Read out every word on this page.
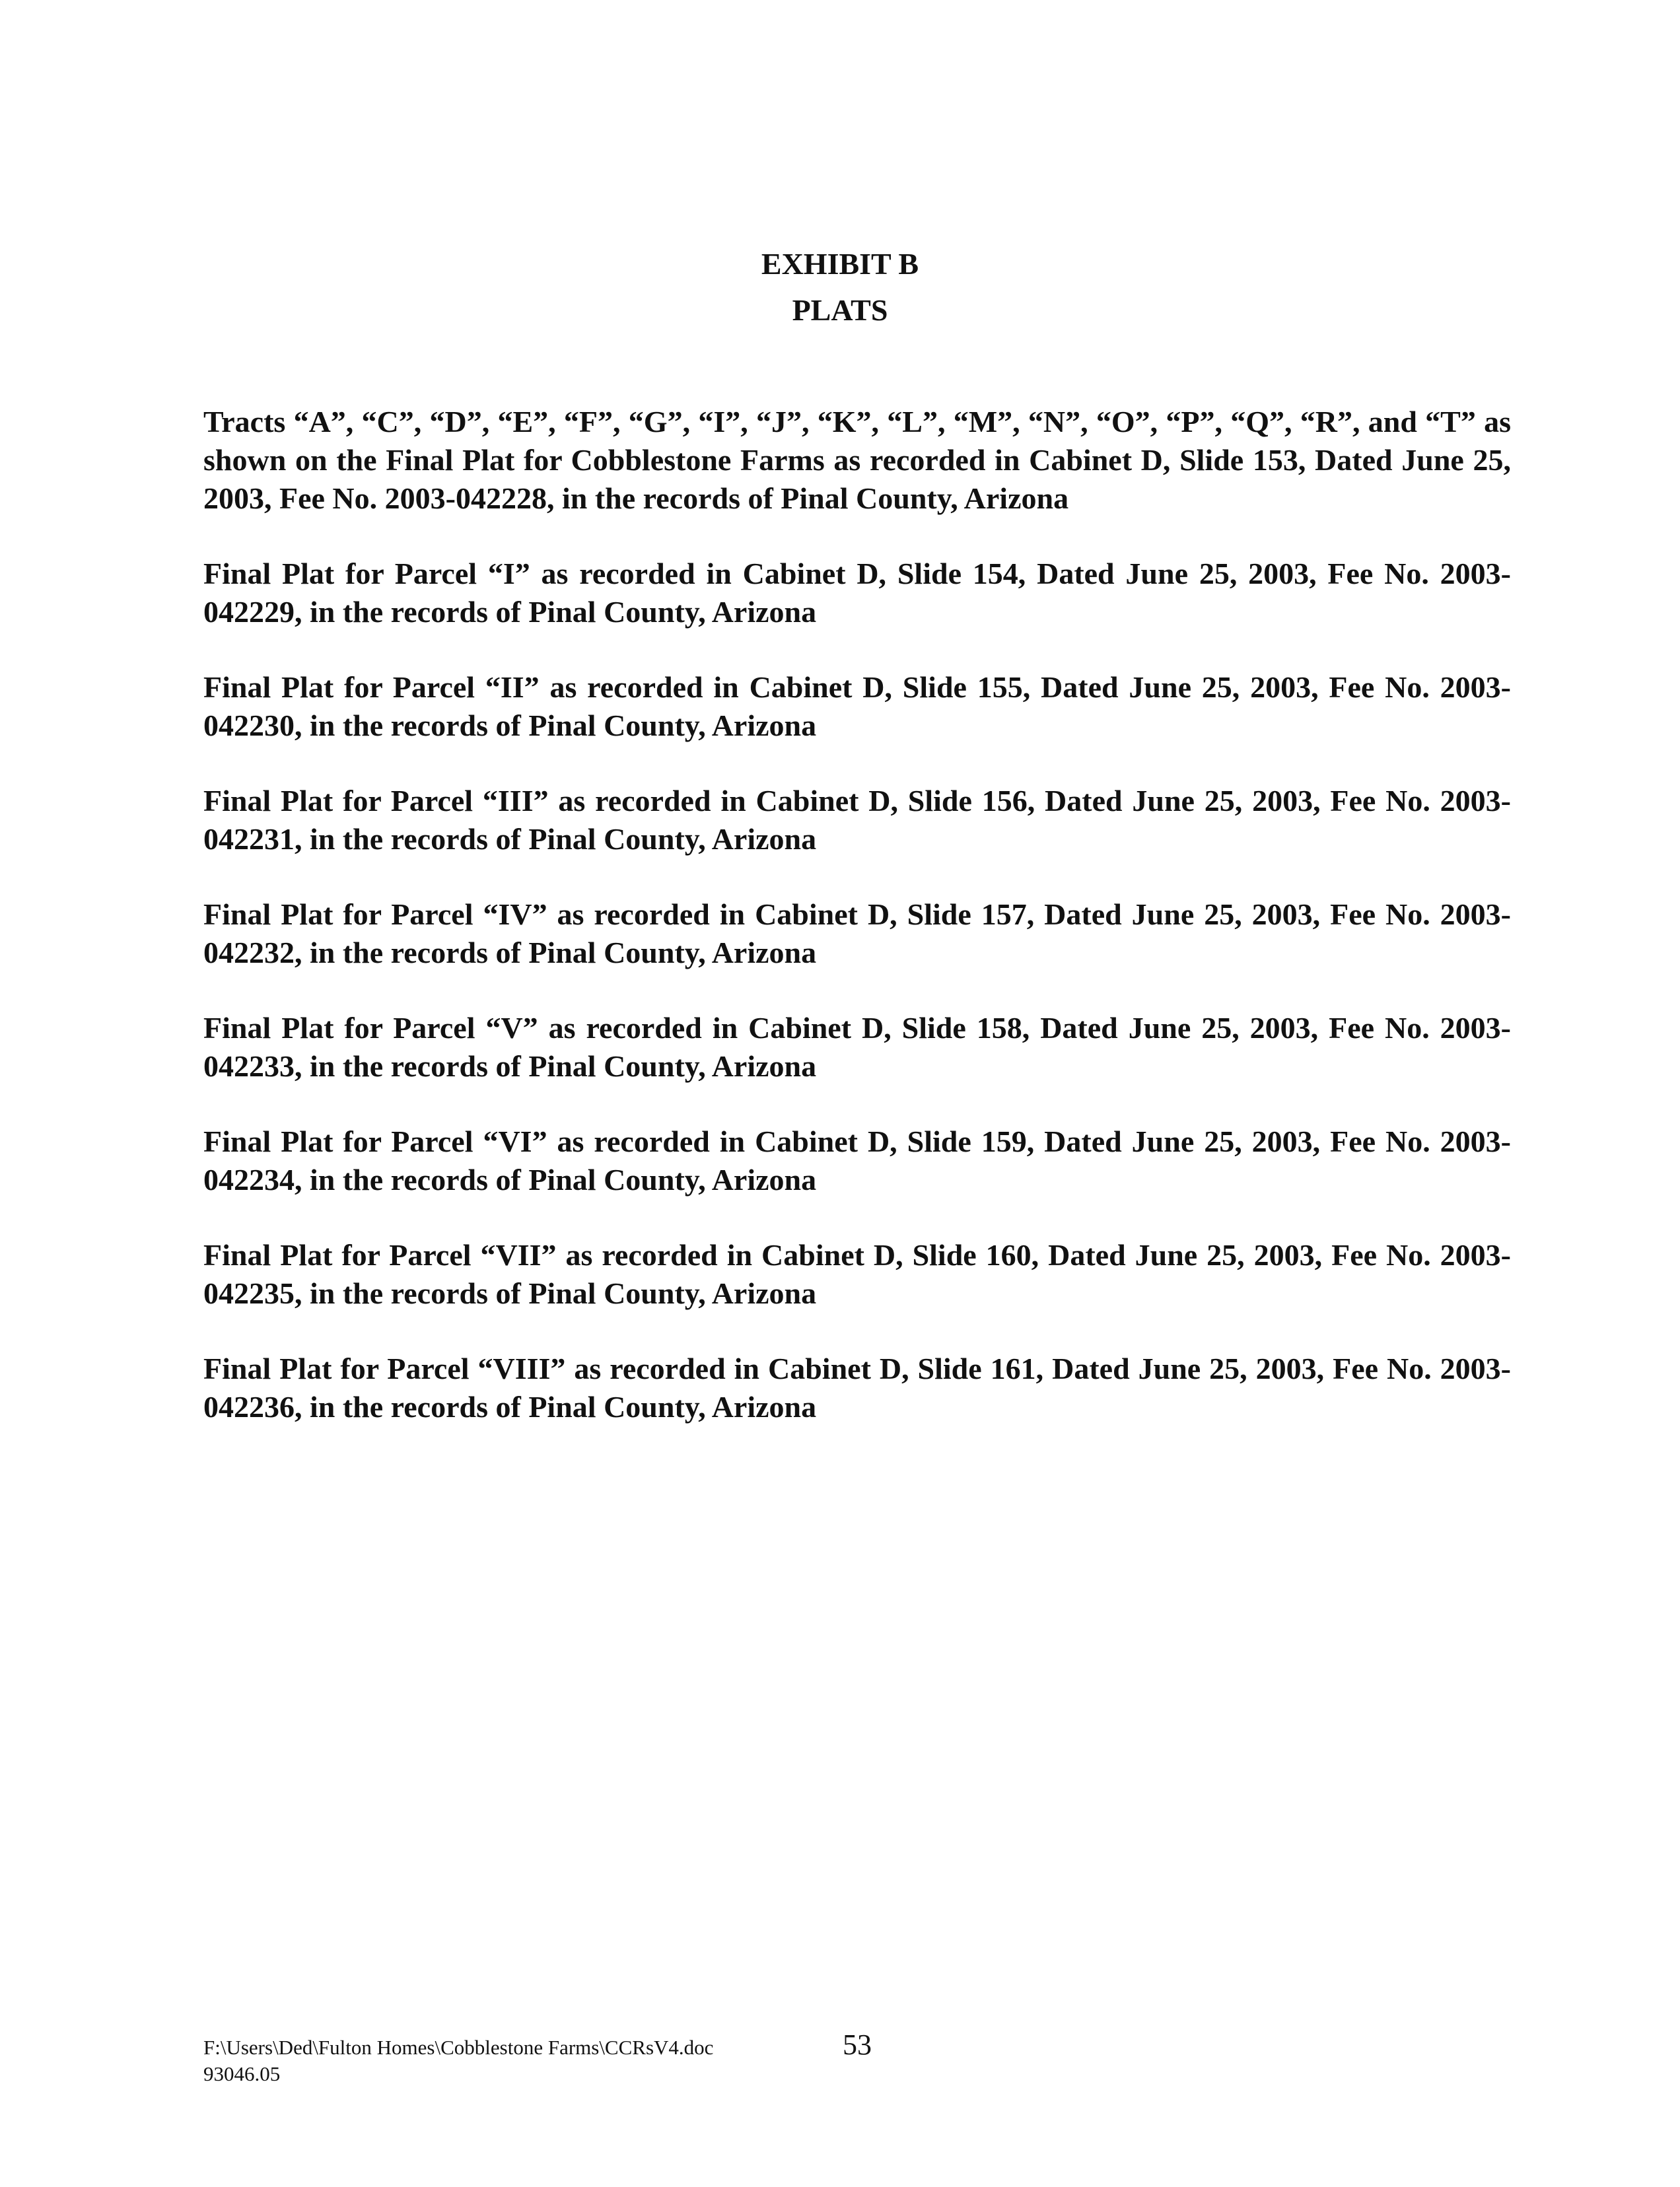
EXHIBIT B
PLATS

Tracts “A”, “C”, “D”, “E”, “F”, “G”, “I”, “J”, “K”, “L”, “M”, “N”, “O”, “P”, “Q”, “R”, and “T” as shown on the Final Plat for Cobblestone Farms as recorded in Cabinet D, Slide 153, Dated June 25, 2003, Fee No. 2003-042228, in the records of Pinal County, Arizona

Final Plat for Parcel “I” as recorded in Cabinet D, Slide 154, Dated June 25, 2003, Fee No. 2003-042229, in the records of Pinal County, Arizona

Final Plat for Parcel “II” as recorded in Cabinet D, Slide 155, Dated June 25, 2003, Fee No. 2003-042230, in the records of Pinal County, Arizona

Final Plat for Parcel “III” as recorded in Cabinet D, Slide 156, Dated June 25, 2003, Fee No. 2003-042231, in the records of Pinal County, Arizona

Final Plat for Parcel “IV” as recorded in Cabinet D, Slide 157, Dated June 25, 2003, Fee No. 2003-042232, in the records of Pinal County, Arizona

Final Plat for Parcel “V” as recorded in Cabinet D, Slide 158, Dated June 25, 2003, Fee No. 2003-042233, in the records of Pinal County, Arizona

Final Plat for Parcel “VI” as recorded in Cabinet D, Slide 159, Dated June 25, 2003, Fee No. 2003-042234, in the records of Pinal County, Arizona

Final Plat for Parcel “VII” as recorded in Cabinet D, Slide 160, Dated June 25, 2003, Fee No. 2003-042235, in the records of Pinal County, Arizona

Final Plat for Parcel “VIII” as recorded in Cabinet D, Slide 161, Dated June 25, 2003, Fee No. 2003-042236, in the records of Pinal County, Arizona

F:\Users\Ded\Fulton Homes\Cobblestone Farms\CCRsV4.doc
93046.05
53
